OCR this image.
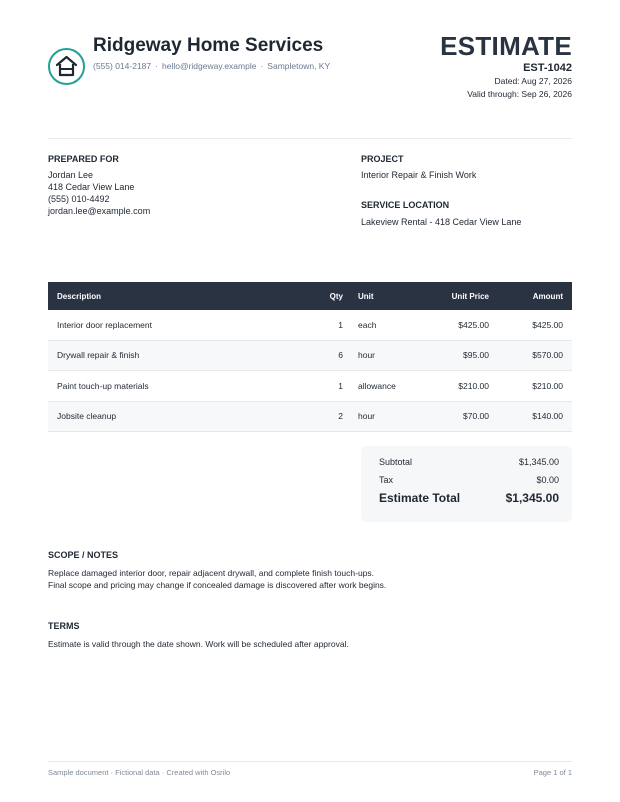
Ridgeway Home Services
(555) 014-2187 · hello@ridgeway.example · Sampletown, KY
ESTIMATE
EST-1042
Dated: Aug 27, 2026
Valid through: Sep 26, 2026
PREPARED FOR
Jordan Lee
418 Cedar View Lane
(555) 010-4492
jordan.lee@example.com
PROJECT
Interior Repair & Finish Work
SERVICE LOCATION
Lakeview Rental - 418 Cedar View Lane
Description	Qty	Unit	Unit Price	Amount
Interior door replacement	1	each	$425.00	$425.00
Drywall repair & finish	6	hour	$95.00	$570.00
Paint touch-up materials	1	allowance	$210.00	$210.00
Jobsite cleanup	2	hour	$70.00	$140.00
Subtotal	$1,345.00
Tax	$0.00
Estimate Total	$1,345.00
SCOPE / NOTES
Replace damaged interior door, repair adjacent drywall, and complete finish touch-ups.
Final scope and pricing may change if concealed damage is discovered after work begins.
TERMS
Estimate is valid through the date shown. Work will be scheduled after approval.
Sample document · Fictional data · Created with Osrilo	Page 1 of 1
